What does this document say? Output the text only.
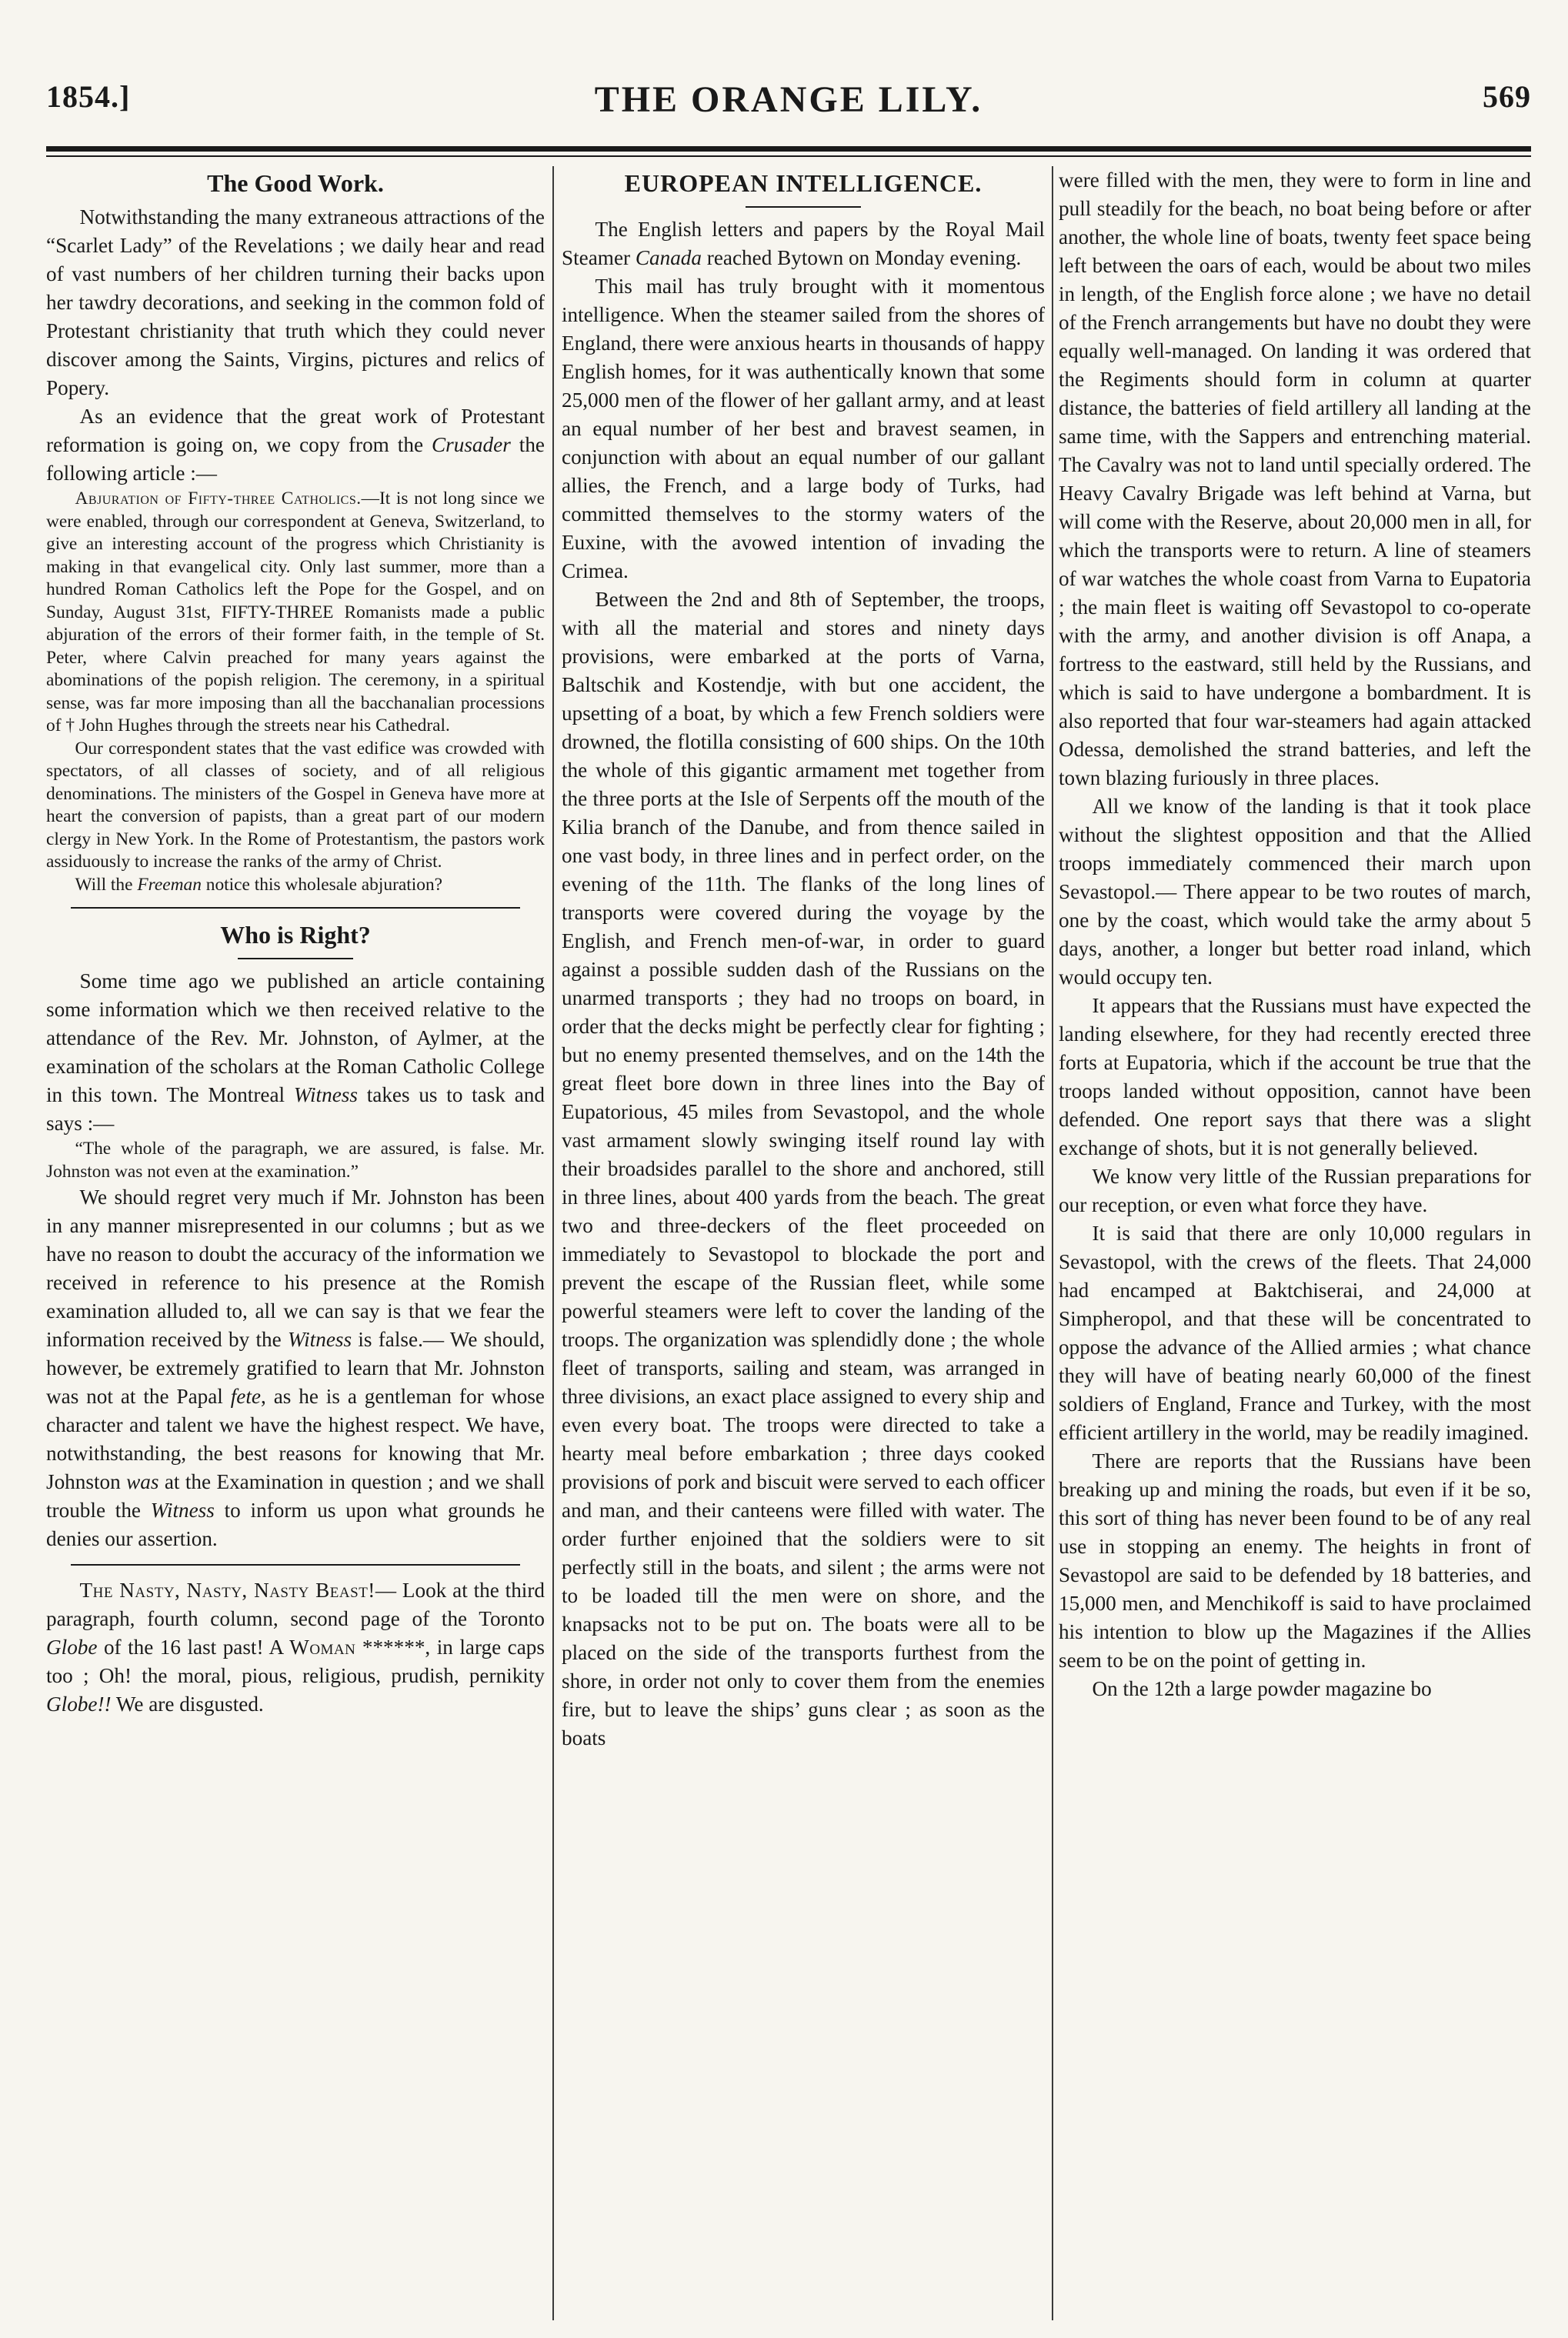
1854.]	THE ORANGE LILY.	569
The Good Work.

Notwithstanding the many extraneous attractions of the “Scarlet Lady” of the Revelations ; we daily hear and read of vast numbers of her children turning their backs upon her tawdry decorations, and seeking in the common fold of Protestant christianity that truth which they could never discover among the Saints, Virgins, pictures and relics of Popery.

As an evidence that the great work of Protestant reformation is going on, we copy from the Crusader the following article :—

Abjuration of Fifty-three Catholics.—It is not long since we were enabled, through our correspondent at Geneva, Switzerland, to give an interesting account of the progress which Christianity is making in that evangelical city. Only last summer, more than a hundred Roman Catholics left the Pope for the Gospel, and on Sunday, August 31st, FIFTY-THREE Romanists made a public abjuration of the errors of their former faith, in the temple of St. Peter, where Calvin preached for many years against the abominations of the popish religion. The ceremony, in a spiritual sense, was far more imposing than all the bacchanalian processions of † John Hughes through the streets near his Cathedral.

Our correspondent states that the vast edifice was crowded with spectators, of all classes of society, and of all religious denominations. The ministers of the Gospel in Geneva have more at heart the conversion of papists, than a great part of our modern clergy in New York. In the Rome of Protestantism, the pastors work assiduously to increase the ranks of the army of Christ.

Will the Freeman notice this wholesale abjuration?

Who is Right?

Some time ago we published an article containing some information which we then received relative to the attendance of the Rev. Mr. Johnston, of Aylmer, at the examination of the scholars at the Roman Catholic College in this town. The Montreal Witness takes us to task and says :—

“The whole of the paragraph, we are assured, is false. Mr. Johnston was not even at the examination.”

We should regret very much if Mr. Johnston has been in any manner misrepresented in our columns ; but as we have no reason to doubt the accuracy of the information we received in reference to his presence at the Romish examination alluded to, all we can say is that we fear the information received by the Witness is false.— We should, however, be extremely gratified to learn that Mr. Johnston was not at the Papal fete, as he is a gentleman for whose character and talent we have the highest respect. We have, notwithstanding, the best reasons for knowing that Mr. Johnston was at the Examination in question ; and we shall trouble the Witness to inform us upon what grounds he denies our assertion.

The Nasty, Nasty, Nasty Beast!— Look at the third paragraph, fourth column, second page of the Toronto Globe of the 16 last past! A Woman ******, in large caps too ; Oh! the moral, pious, religious, prudish, pernikity Globe!! We are disgusted.

EUROPEAN INTELLIGENCE.

The English letters and papers by the Royal Mail Steamer Canada reached Bytown on Monday evening.

This mail has truly brought with it momentous intelligence. When the steamer sailed from the shores of England, there were anxious hearts in thousands of happy English homes, for it was authentically known that some 25,000 men of the flower of her gallant army, and at least an equal number of her best and bravest seamen, in conjunction with about an equal number of our gallant allies, the French, and a large body of Turks, had committed themselves to the stormy waters of the Euxine, with the avowed intention of invading the Crimea.

Between the 2nd and 8th of September, the troops, with all the material and stores and ninety days provisions, were embarked at the ports of Varna, Baltschik and Kostendje, with but one accident, the upsetting of a boat, by which a few French soldiers were drowned, the flotilla consisting of 600 ships. On the 10th the whole of this gigantic armament met together from the three ports at the Isle of Serpents off the mouth of the Kilia branch of the Danube, and from thence sailed in one vast body, in three lines and in perfect order, on the evening of the 11th. The flanks of the long lines of transports were covered during the voyage by the English, and French men-of-war, in order to guard against a possible sudden dash of the Russians on the unarmed transports ; they had no troops on board, in order that the decks might be perfectly clear for fighting ; but no enemy presented themselves, and on the 14th the great fleet bore down in three lines into the Bay of Eupatorious, 45 miles from Sevastopol, and the whole vast armament slowly swinging itself round lay with their broadsides parallel to the shore and anchored, still in three lines, about 400 yards from the beach. The great two and three-deckers of the fleet proceeded on immediately to Sevastopol to blockade the port and prevent the escape of the Russian fleet, while some powerful steamers were left to cover the landing of the troops. The organization was splendidly done ; the whole fleet of transports, sailing and steam, was arranged in three divisions, an exact place assigned to every ship and even every boat. The troops were directed to take a hearty meal before embarkation ; three days cooked provisions of pork and biscuit were served to each officer and man, and their canteens were filled with water. The order further enjoined that the soldiers were to sit perfectly still in the boats, and silent ; the arms were not to be loaded till the men were on shore, and the knapsacks not to be put on. The boats were all to be placed on the side of the transports furthest from the shore, in order not only to cover them from the enemies fire, but to leave the ships’ guns clear ; as soon as the boats

were filled with the men, they were to form in line and pull steadily for the beach, no boat being before or after another, the whole line of boats, twenty feet space being left between the oars of each, would be about two miles in length, of the English force alone ; we have no detail of the French arrangements but have no doubt they were equally well-managed. On landing it was ordered that the Regiments should form in column at quarter distance, the batteries of field artillery all landing at the same time, with the Sappers and entrenching material. The Cavalry was not to land until specially ordered. The Heavy Cavalry Brigade was left behind at Varna, but will come with the Reserve, about 20,000 men in all, for which the transports were to return. A line of steamers of war watches the whole coast from Varna to Eupatoria ; the main fleet is waiting off Sevastopol to co-operate with the army, and another division is off Anapa, a fortress to the eastward, still held by the Russians, and which is said to have undergone a bombardment. It is also reported that four war-steamers had again attacked Odessa, demolished the strand batteries, and left the town blazing furiously in three places.

All we know of the landing is that it took place without the slightest opposition and that the Allied troops immediately commenced their march upon Sevastopol.— There appear to be two routes of march, one by the coast, which would take the army about 5 days, another, a longer but better road inland, which would occupy ten.

It appears that the Russians must have expected the landing elsewhere, for they had recently erected three forts at Eupatoria, which if the account be true that the troops landed without opposition, cannot have been defended. One report says that there was a slight exchange of shots, but it is not generally believed.

We know very little of the Russian preparations for our reception, or even what force they have.

It is said that there are only 10,000 regulars in Sevastopol, with the crews of the fleets. That 24,000 had encamped at Baktchiserai, and 24,000 at Simpheropol, and that these will be concentrated to oppose the advance of the Allied armies ; what chance they will have of beating nearly 60,000 of the finest soldiers of England, France and Turkey, with the most efficient artillery in the world, may be readily imagined.

There are reports that the Russians have been breaking up and mining the roads, but even if it be so, this sort of thing has never been found to be of any real use in stopping an enemy. The heights in front of Sevastopol are said to be defended by 18 batteries, and 15,000 men, and Menchikoff is said to have proclaimed his intention to blow up the Magazines if the Allies seem to be on the point of getting in.

On the 12th a large powder magazine bo
